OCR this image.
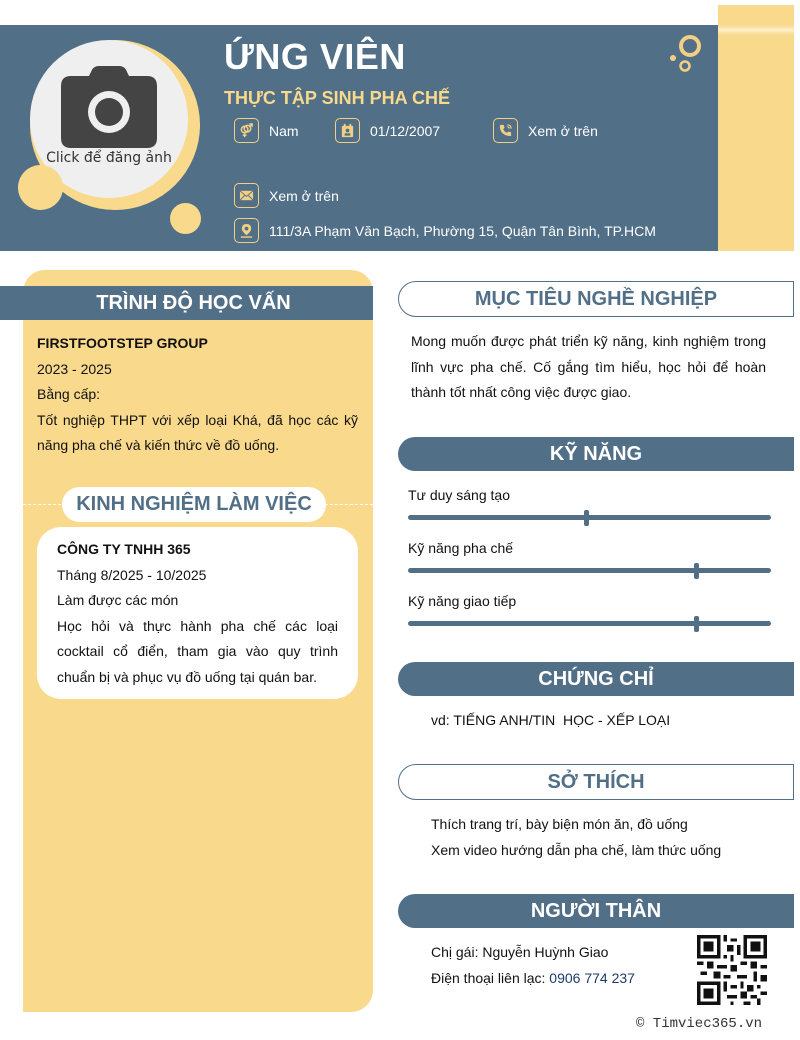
Click để đăng ảnh
ỨNG VIÊN
THỰC TẬP SINH PHA CHẾ
Nam	01/12/2007	Xem ở trên
Xem ở trên
111/3A Phạm Văn Bạch, Phường 15, Quận Tân Bình, TP.HCM
TRÌNH ĐỘ HỌC VẤN
FIRSTFOOTSTEP GROUP
2023 - 2025
Bằng cấp:
Tốt nghiệp THPT với xếp loại Khá, đã học các kỹ năng pha chế và kiến thức về đồ uống.
KINH NGHIỆM LÀM VIỆC
CÔNG TY TNHH 365
Tháng 8/2025 - 10/2025
Làm được các món
Học hỏi và thực hành pha chế các loại cocktail cổ điển, tham gia vào quy trình chuẩn bị và phục vụ đồ uống tại quán bar.
MỤC TIÊU NGHỀ NGHIỆP
Mong muốn được phát triển kỹ năng, kinh nghiệm trong lĩnh vực pha chế. Cố gắng tìm hiểu, học hỏi để hoàn thành tốt nhất công việc được giao.
KỸ NĂNG
Tư duy sáng tạo
Kỹ năng pha chế
Kỹ năng giao tiếp
CHỨNG CHỈ
vd: TIẾNG ANH/TIN  HỌC - XẾP LOẠI
SỞ THÍCH
Thích trang trí, bày biện món ăn, đồ uống
Xem video hướng dẫn pha chế, làm thức uống
NGƯỜI THÂN
Chị gái: Nguyễn Huỳnh Giao
Điện thoại liên lạc: 0906 774 237
© Timviec365.vn
